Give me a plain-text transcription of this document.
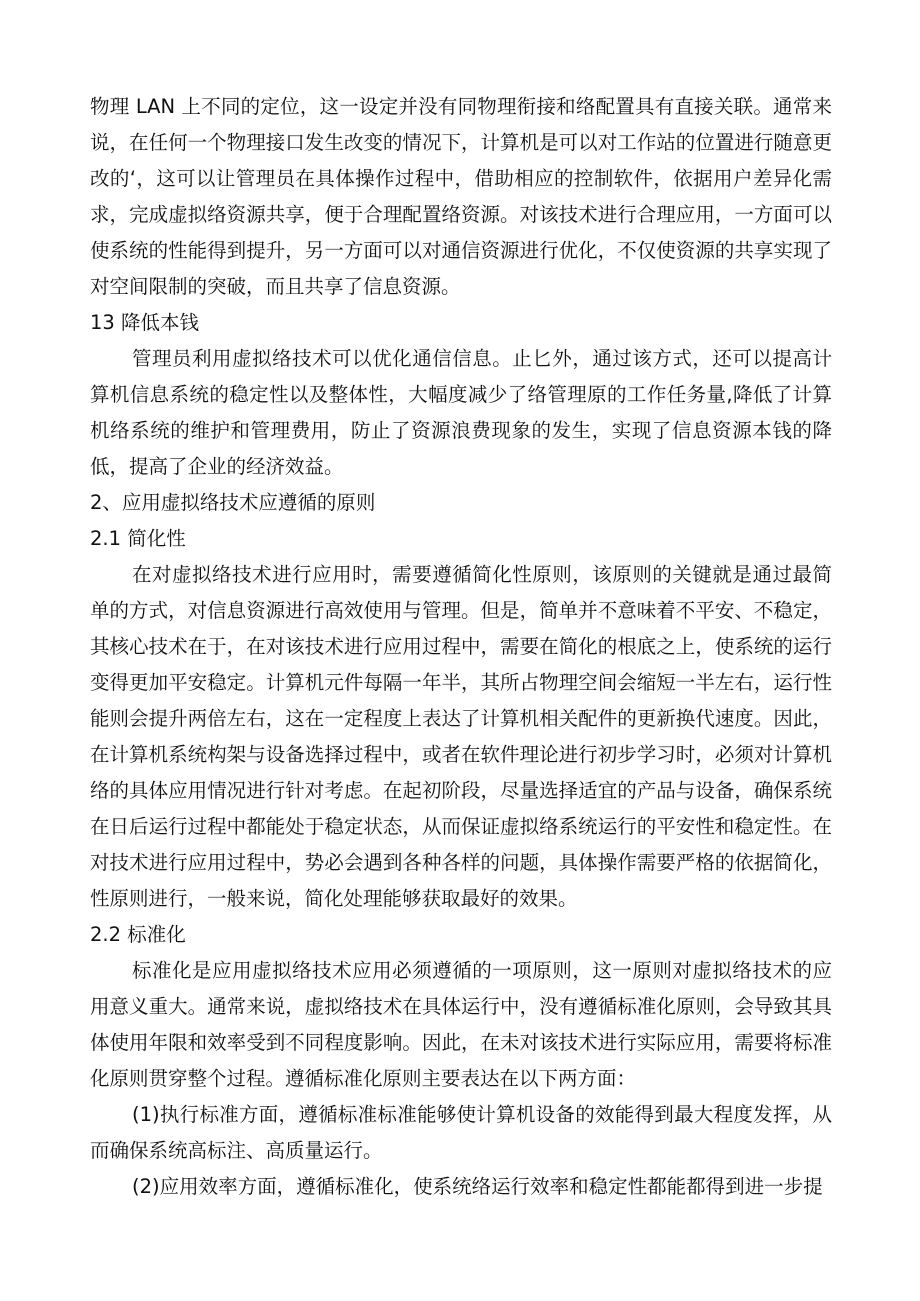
物理 LAN 上不同的定位，这一设定并没有同物理衔接和络配置具有直接关联。通常来说，在任何一个物理接口发生改变的情况下，计算机是可以对工作站的位置进行随意更改的‘，这可以让管理员在具体操作过程中，借助相应的控制软件，依据用户差异化需求，完成虚拟络资源共享，便于合理配置络资源。对该技术进行合理应用，一方面可以使系统的性能得到提升，另一方面可以对通信资源进行优化，不仅使资源的共享实现了对空间限制的突破，而且共享了信息资源。

13 降低本钱

管理员利用虚拟络技术可以优化通信信息。止匕外，通过该方式，还可以提高计算机信息系统的稳定性以及整体性，大幅度减少了络管理原的工作任务量,降低了计算机络系统的维护和管理费用，防止了资源浪费现象的发生，实现了信息资源本钱的降低，提高了企业的经济效益。

2、应用虚拟络技术应遵循的原则

2.1 简化性

在对虚拟络技术进行应用时，需要遵循简化性原则，该原则的关键就是通过最简单的方式，对信息资源进行高效使用与管理。但是，简单并不意味着不平安、不稳定，其核心技术在于，在对该技术进行应用过程中，需要在简化的根底之上，使系统的运行变得更加平安稳定。计算机元件每隔一年半，其所占物理空间会缩短一半左右，运行性能则会提升两倍左右，这在一定程度上表达了计算机相关配件的更新换代速度。因此，在计算机系统构架与设备选择过程中，或者在软件理论进行初步学习时，必须对计算机络的具体应用情况进行针对考虑。在起初阶段，尽量选择适宜的产品与设备，确保系统在日后运行过程中都能处于稳定状态，从而保证虚拟络系统运行的平安性和稳定性。在对技术进行应用过程中，势必会遇到各种各样的问题，具体操作需要严格的依据简化，性原则进行，一般来说，简化处理能够获取最好的效果。

2.2 标准化

标准化是应用虚拟络技术应用必须遵循的一项原则，这一原则对虚拟络技术的应用意义重大。通常来说，虚拟络技术在具体运行中，没有遵循标准化原则，会导致其具体使用年限和效率受到不同程度影响。因此，在未对该技术进行实际应用，需要将标准化原则贯穿整个过程。遵循标准化原则主要表达在以下两方面：

(1)执行标准方面，遵循标准标准能够使计算机设备的效能得到最大程度发挥，从而确保系统高标注、高质量运行。

(2)应用效率方面，遵循标准化，使系统络运行效率和稳定性都能都得到进一步提
